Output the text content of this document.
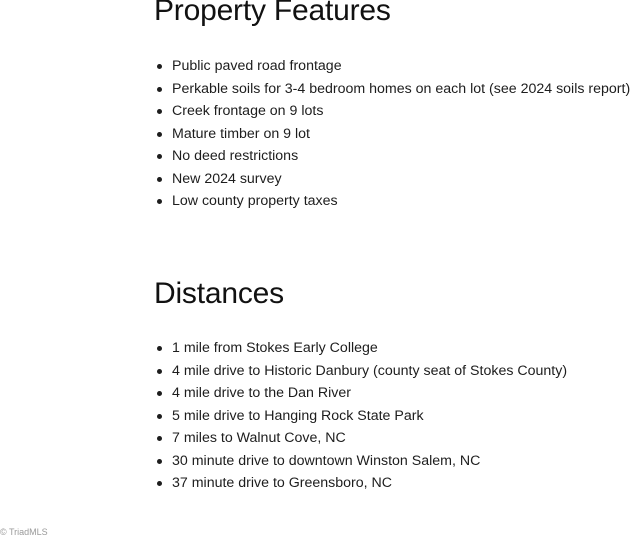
Property Features
Public paved road frontage
Perkable soils for 3-4 bedroom homes on each lot (see 2024 soils report)
Creek frontage on 9 lots
Mature timber on 9 lot
No deed restrictions
New 2024 survey
Low county property taxes
Distances
1 mile from Stokes Early College
4 mile drive to Historic Danbury (county seat of Stokes County)
4 mile drive to the Dan River
5 mile drive to Hanging Rock State Park
7 miles to Walnut Cove, NC
30 minute drive to downtown Winston Salem, NC
37 minute drive to Greensboro, NC
© TriadMLS
